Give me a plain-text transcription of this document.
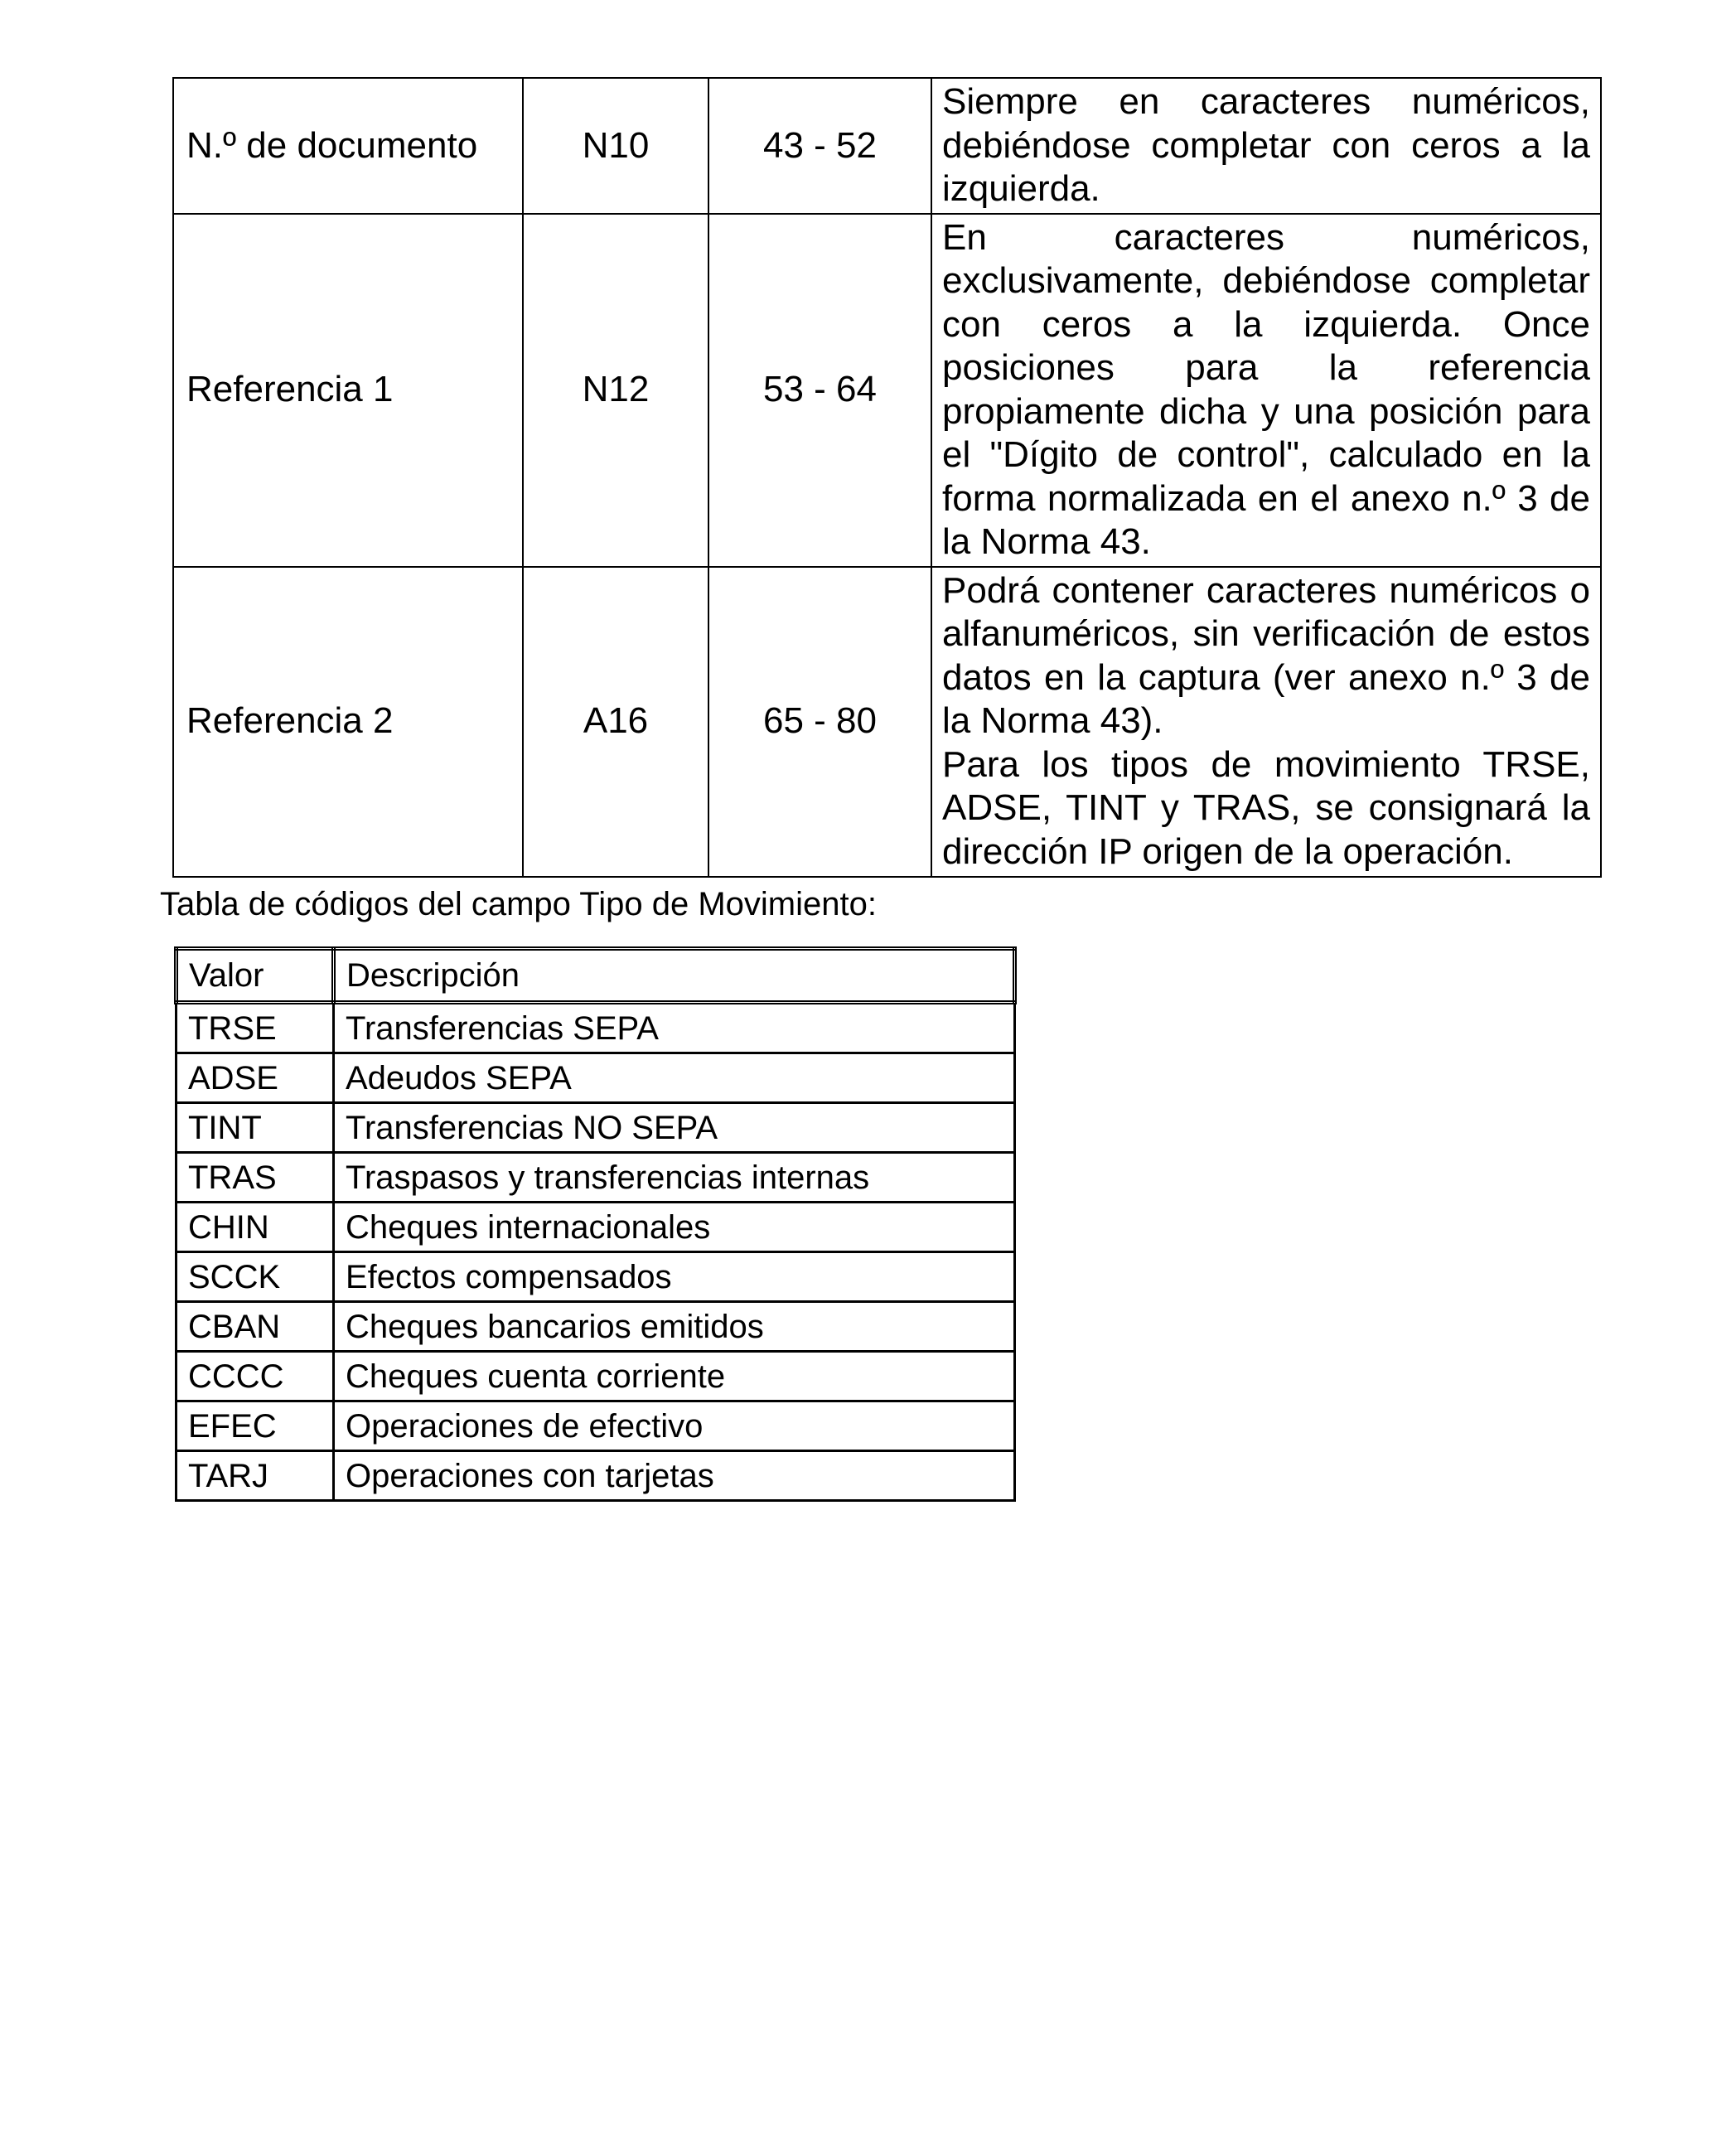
N.º de documento	N10	43 - 52	Siempre en caracteres numéricos, debiéndose completar con ceros a la izquierda.

Referencia 1	N12	53 - 64	En caracteres numéricos, exclusivamente, debiéndose completar con ceros a la izquierda. Once posiciones para la referencia propiamente dicha y una posición para el "Dígito de control", calculado en la forma normalizada en el anexo n.º 3 de la Norma 43.

Referencia 2	A16	65 - 80	Podrá contener caracteres numéricos o alfanuméricos, sin verificación de estos datos en la captura (ver anexo n.º 3 de la Norma 43).
Para los tipos de movimiento TRSE, ADSE, TINT y TRAS, se consignará la dirección IP origen de la operación.
Tabla de códigos del campo Tipo de Movimiento:
Valor	Descripción
TRSE	Transferencias SEPA
ADSE	Adeudos SEPA
TINT	Transferencias NO SEPA
TRAS	Traspasos y transferencias internas
CHIN	Cheques internacionales
SCCK	Efectos compensados
CBAN	Cheques bancarios emitidos
CCCC	Cheques cuenta corriente
EFEC	Operaciones de efectivo
TARJ	Operaciones con tarjetas
